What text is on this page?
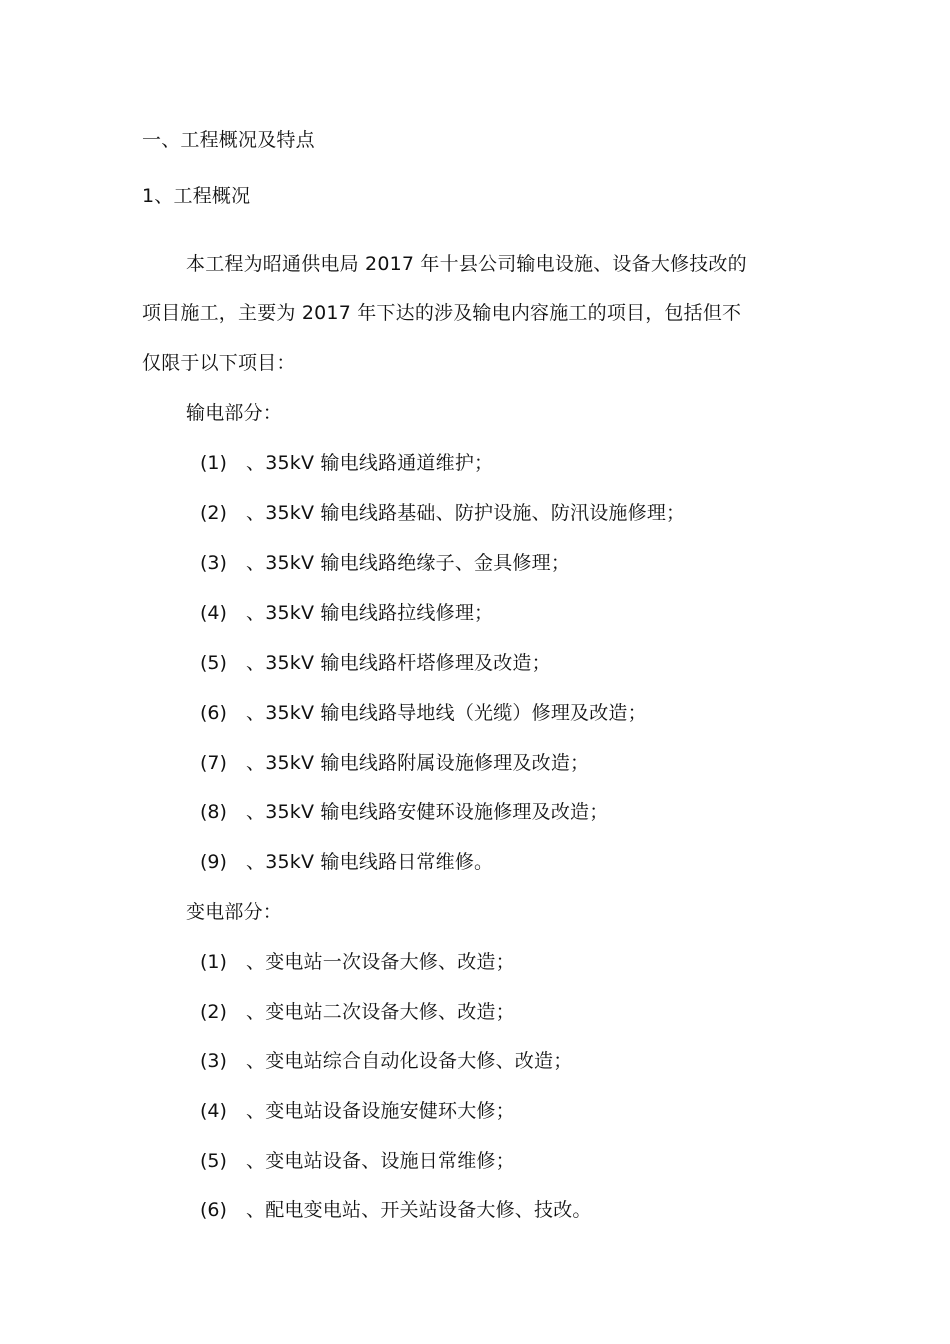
一、工程概况及特点
1、工程概况
本工程为昭通供电局 2017 年十县公司输电设施、设备大修技改的
项目施工，主要为 2017 年下达的涉及输电内容施工的项目，包括但不
仅限于以下项目：
输电部分：
(1) 、35kV 输电线路通道维护；
(2) 、35kV 输电线路基础、防护设施、防汛设施修理；
(3) 、35kV 输电线路绝缘子、金具修理；
(4) 、35kV 输电线路拉线修理；
(5) 、35kV 输电线路杆塔修理及改造；
(6) 、35kV 输电线路导地线（光缆）修理及改造；
(7) 、35kV 输电线路附属设施修理及改造；
(8) 、35kV 输电线路安健环设施修理及改造；
(9) 、35kV 输电线路日常维修。
变电部分：
(1) 、变电站一次设备大修、改造；
(2) 、变电站二次设备大修、改造；
(3) 、变电站综合自动化设备大修、改造；
(4) 、变电站设备设施安健环大修；
(5) 、变电站设备、设施日常维修；
(6) 、配电变电站、开关站设备大修、技改。
